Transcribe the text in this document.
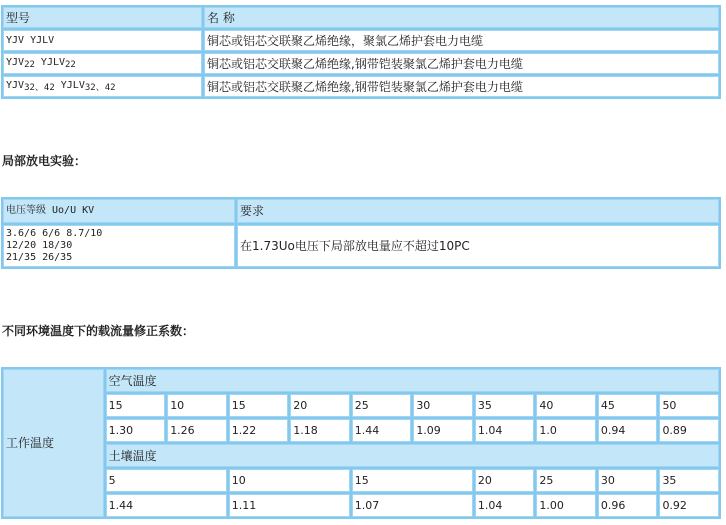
型号	名 称
YJV YJLV	铜芯或铝芯交联聚乙烯绝缘，聚氯乙烯护套电力电缆
$YJV_{22}$ $YJLV_{22}$	铜芯或铝芯交联聚乙烯绝缘,钢带铠装聚氯乙烯护套电力电缆
$YJV_{32、42}$ $YJLV_{32、42}$	铜芯或铝芯交联聚乙烯绝缘,钢带铠装聚氯乙烯护套电力电缆
局部放电实验：
电压等级 Uo/U KV	要求

3.6/6 6/6 8.7/10
12/20 18/30
21/35 26/35	在1.73Uo电压下局部放电量应不超过10PC
不同环境温度下的载流量修正系数：
工作温度	空气温度									
	15	10	15	20	25	30	35	40	45	50
	1.30	1.26	1.22	1.18	1.44	1.09	1.04	1.0	0.94	0.89
	土壤温度									
	5		10		15		20	25	30	35
	1.44		1.11		1.07		1.04	1.00	0.96	0.92
